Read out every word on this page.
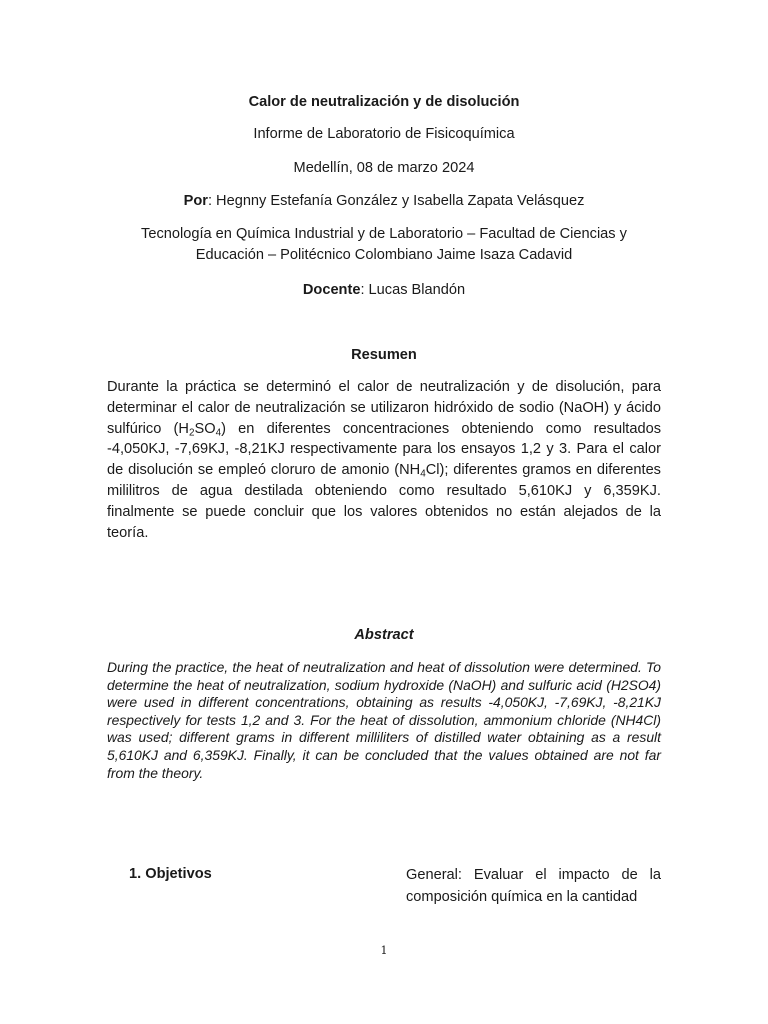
Calor de neutralización y de disolución
Informe de Laboratorio de Fisicoquímica
Medellín, 08 de marzo 2024
Por: Hegnny Estefanía González y Isabella Zapata Velásquez
Tecnología en Química Industrial y de Laboratorio – Facultad de Ciencias y
Educación – Politécnico Colombiano Jaime Isaza Cadavid
Docente: Lucas Blandón
Resumen

Durante la práctica se determinó el calor de neutralización y de disolución, para determinar el calor de neutralización se utilizaron hidróxido de sodio (NaOH) y ácido sulfúrico $(H_2SO_4)$ en diferentes concentraciones obteniendo como resultados -4,050KJ, -7,69KJ, -8,21KJ respectivamente para los ensayos 1,2 y 3. Para el calor de disolución se empleó cloruro de amonio $(NH_4Cl)$; diferentes gramos en diferentes mililitros de agua destilada obteniendo como resultado 5,610KJ y 6,359KJ. finalmente se puede concluir que los valores obtenidos no están alejados de la teoría.

Abstract

During the practice, the heat of neutralization and heat of dissolution were determined. To determine the heat of neutralization, sodium hydroxide (NaOH) and sulfuric acid (H2SO4) were used in different concentrations, obtaining as results -4,050KJ, -7,69KJ, -8,21KJ respectively for tests 1,2 and 3. For the heat of dissolution, ammonium chloride (NH4Cl) was used; different grams in different milliliters of distilled water obtaining as a result 5,610KJ and 6,359KJ. Finally, it can be concluded that the values obtained are not far from the theory.

1. Objetivos	General: Evaluar el impacto de la composición química en la cantidad

1
